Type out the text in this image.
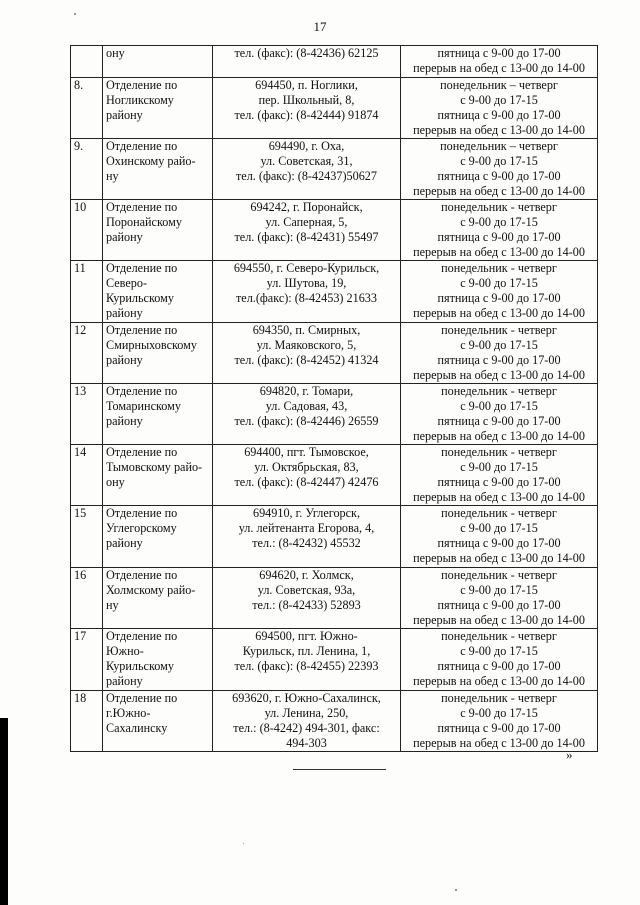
17

	ону	тел. (факс): (8-42436) 62125	пятница с 9-00 до 17-00
перерыв на обед с 13-00 до 14-00

8.	Отделение по
Ногликскому
району	694450, п. Ноглики,
пер. Школьный, 8,
тел. (факс): (8-42444) 91874	понедельник – четверг
с 9-00 до 17-15
пятница с 9-00 до 17-00
перерыв на обед с 13-00 до 14-00

9.	Отделение по
Охинскому райо-
ну	694490, г. Оха,
ул. Советская, 31,
тел. (факс): (8-42437)50627	понедельник – четверг
с 9-00 до 17-15
пятница с 9-00 до 17-00
перерыв на обед с 13-00 до 14-00

10	Отделение по
Поронайскому
району	694242, г. Поронайск,
ул. Саперная, 5,
тел. (факс): (8-42431) 55497	понедельник - четверг
с 9-00 до 17-15
пятница с 9-00 до 17-00
перерыв на обед с 13-00 до 14-00

11	Отделение по
Северо-
Курильскому
району	694550, г. Северо-Курильск,
ул. Шутова, 19,
тел.(факс): (8-42453) 21633	понедельник - четверг
с 9-00 до 17-15
пятница с 9-00 до 17-00
перерыв на обед с 13-00 до 14-00

12	Отделение по
Смирныховскому
району	694350, п. Смирных,
ул. Маяковского, 5,
тел. (факс): (8-42452) 41324	понедельник - четверг
с 9-00 до 17-15
пятница с 9-00 до 17-00
перерыв на обед с 13-00 до 14-00

13	Отделение по
Томаринскому
району	694820, г. Томари,
ул. Садовая, 43,
тел. (факс): (8-42446) 26559	понедельник - четверг
с 9-00 до 17-15
пятница с 9-00 до 17-00
перерыв на обед с 13-00 до 14-00

14	Отделение по
Тымовскому райо-
ону	694400, пгт. Тымовское,
ул. Октябрьская, 83,
тел. (факс): (8-42447) 42476	понедельник - четверг
с 9-00 до 17-15
пятница с 9-00 до 17-00
перерыв на обед с 13-00 до 14-00

15	Отделение по
Углегорскому
району	694910, г. Углегорск,
ул. лейтенанта Егорова, 4,
тел.: (8-42432) 45532	понедельник - четверг
с 9-00 до 17-15
пятница с 9-00 до 17-00
перерыв на обед с 13-00 до 14-00

16	Отделение по
Холмскому райо-
ну	694620, г. Холмск,
ул. Советская, 93а,
тел.: (8-42433) 52893	понедельник - четверг
с 9-00 до 17-15
пятница с 9-00 до 17-00
перерыв на обед с 13-00 до 14-00

17	Отделение по
Южно-
Курильскому
району	694500, пгт. Южно-
Курильск, пл. Ленина, 1,
тел. (факс): (8-42455) 22393	понедельник - четверг
с 9-00 до 17-15
пятница с 9-00 до 17-00
перерыв на обед с 13-00 до 14-00

18	Отделение по
г.Южно-
Сахалинску	693620, г. Южно-Сахалинск,
ул. Ленина, 250,
тел.: (8-4242) 494-301, факс:
494-303	понедельник - четверг
с 9-00 до 17-15
пятница с 9-00 до 17-00
перерыв на обед с 13-00 до 14-00
»
